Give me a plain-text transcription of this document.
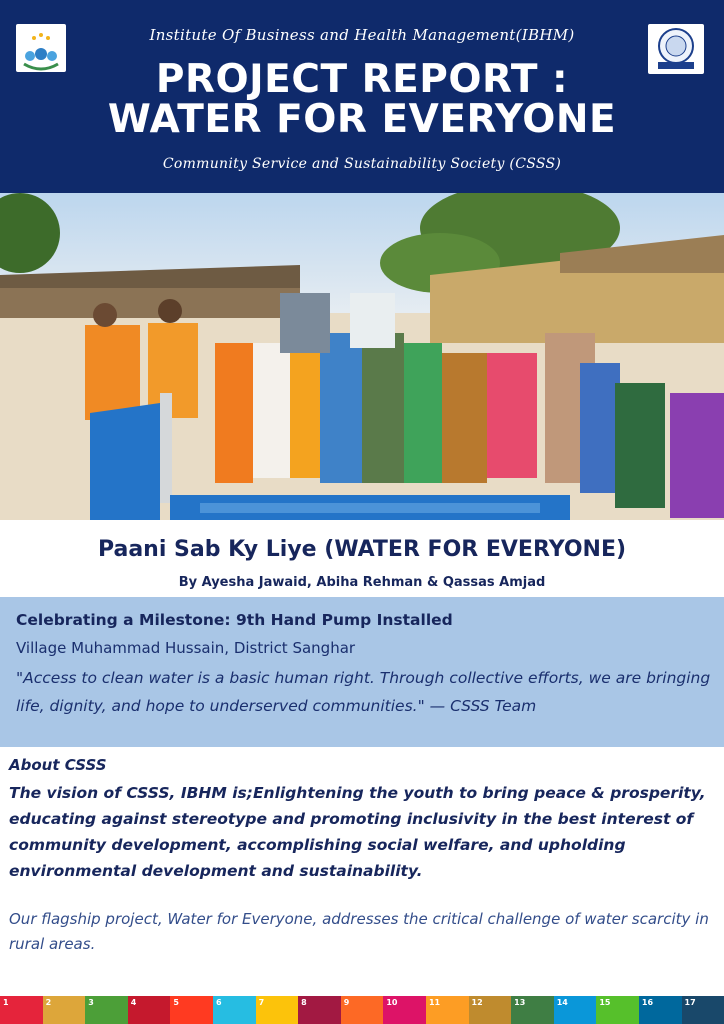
Institute Of Business and Health Management(IBHM)
PROJECT REPORT :
WATER FOR EVERYONE
Community Service and Sustainability Society (CSSS)
Paani Sab Ky Liye (WATER FOR EVERYONE)
By Ayesha Jawaid, Abiha Rehman & Qassas Amjad
Celebrating a Milestone: 9th Hand Pump Installed
Village Muhammad Hussain, District Sanghar
"Access to clean water is a basic human right. Through collective efforts, we are bringing life, dignity, and hope to underserved communities." — CSSS Team
About CSSS
The vision of CSSS, IBHM is;Enlightening the youth to bring peace & prosperity, educating against stereotype and promoting inclusivity in the best interest of community development, accomplishing social welfare, and upholding environmental development and sustainability.
Our flagship project, Water for Everyone, addresses the critical challenge of water scarcity in rural areas.
1	2	3	4	5	6	7	8	9	10	11	12	13	14	15	16	17
